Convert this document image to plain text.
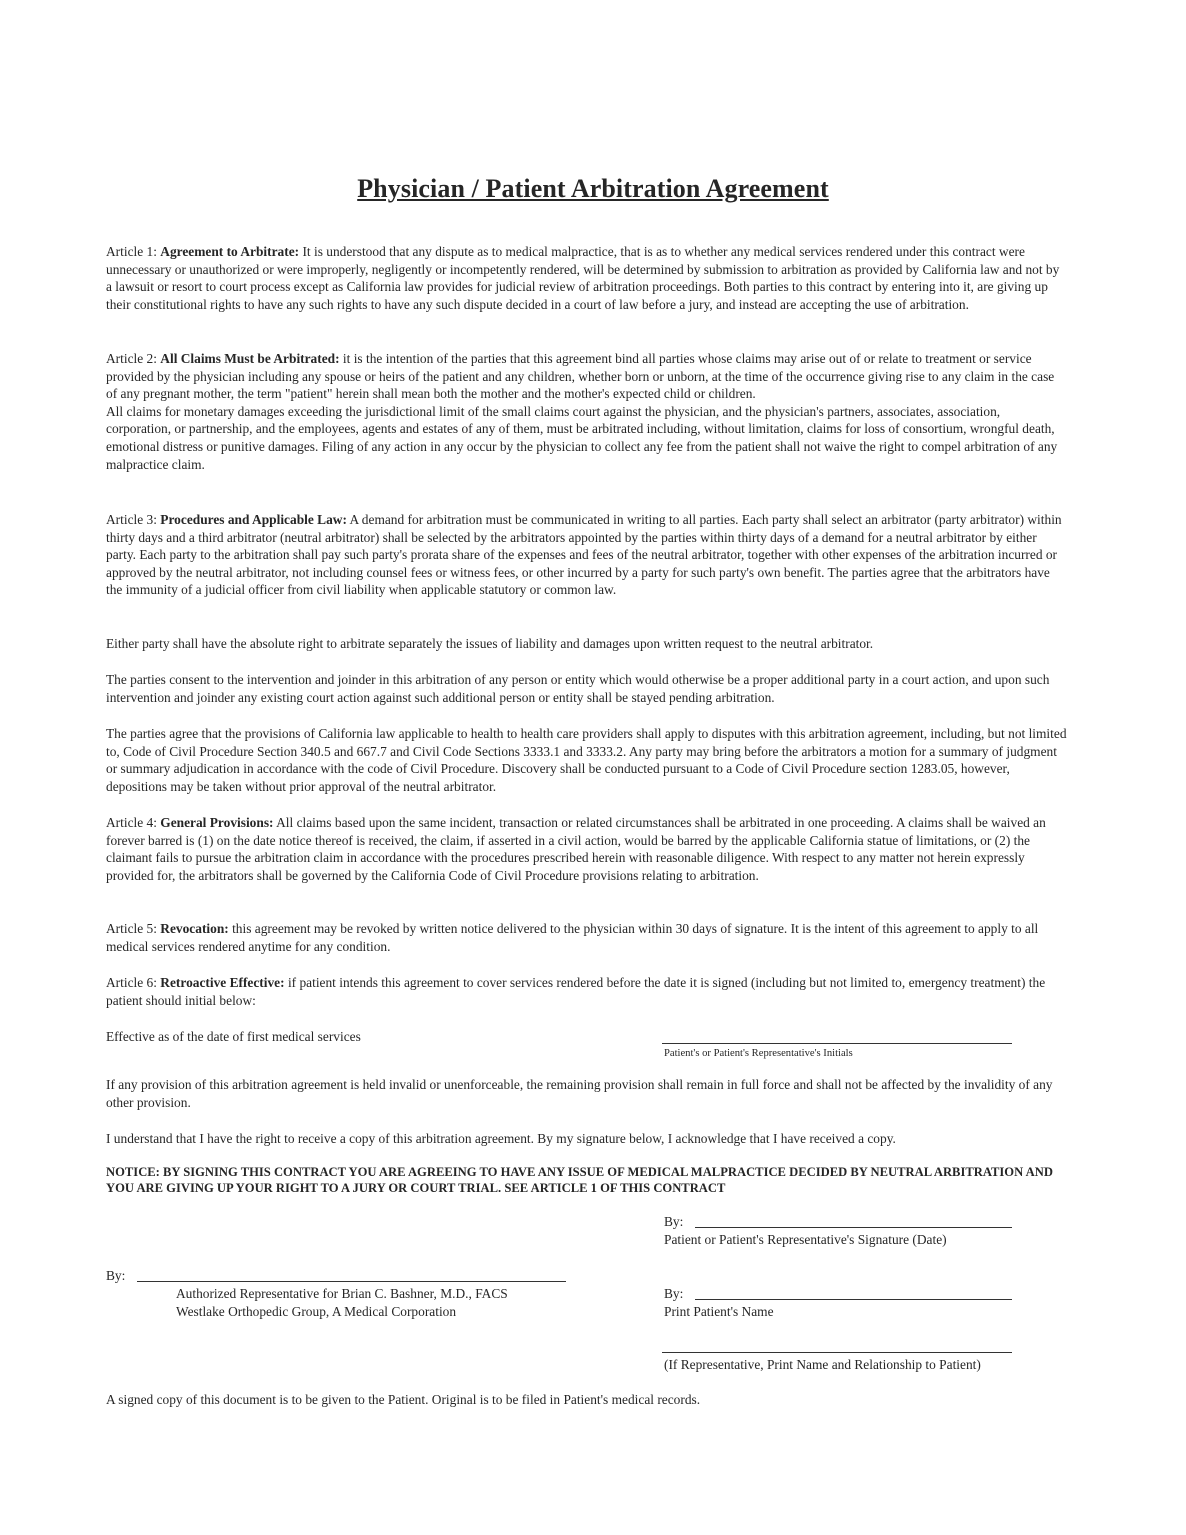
Physician / Patient Arbitration Agreement

Article 1: Agreement to Arbitrate: It is understood that any dispute as to medical malpractice, that is as to whether any medical services rendered under this contract were unnecessary or unauthorized or were improperly, negligently or incompetently rendered, will be determined by submission to arbitration as provided by California law and not by a lawsuit or resort to court process except as California law provides for judicial review of arbitration proceedings. Both parties to this contract by entering into it, are giving up their constitutional rights to have any such rights to have any such dispute decided in a court of law before a jury, and instead are accepting the use of arbitration.

Article 2: All Claims Must be Arbitrated: it is the intention of the parties that this agreement bind all parties whose claims may arise out of or relate to treatment or service provided by the physician including any spouse or heirs of the patient and any children, whether born or unborn, at the time of the occurrence giving rise to any claim in the case of any pregnant mother, the term "patient" herein shall mean both the mother and the mother's expected child or children.
All claims for monetary damages exceeding the jurisdictional limit of the small claims court against the physician, and the physician's partners, associates, association, corporation, or partnership, and the employees, agents and estates of any of them, must be arbitrated including, without limitation, claims for loss of consortium, wrongful death, emotional distress or punitive damages. Filing of any action in any occur by the physician to collect any fee from the patient shall not waive the right to compel arbitration of any malpractice claim.

Article 3: Procedures and Applicable Law: A demand for arbitration must be communicated in writing to all parties. Each party shall select an arbitrator (party arbitrator) within thirty days and a third arbitrator (neutral arbitrator) shall be selected by the arbitrators appointed by the parties within thirty days of a demand for a neutral arbitrator by either party. Each party to the arbitration shall pay such party's prorata share of the expenses and fees of the neutral arbitrator, together with other expenses of the arbitration incurred or approved by the neutral arbitrator, not including counsel fees or witness fees, or other incurred by a party for such party's own benefit. The parties agree that the arbitrators have the immunity of a judicial officer from civil liability when applicable statutory or common law.

Either party shall have the absolute right to arbitrate separately the issues of liability and damages upon written request to the neutral arbitrator.

The parties consent to the intervention and joinder in this arbitration of any person or entity which would otherwise be a proper additional party in a court action, and upon such intervention and joinder any existing court action against such additional person or entity shall be stayed pending arbitration.

The parties agree that the provisions of California law applicable to health to health care providers shall apply to disputes with this arbitration agreement, including, but not limited to, Code of Civil Procedure Section 340.5 and 667.7 and Civil Code Sections 3333.1 and 3333.2. Any party may bring before the arbitrators a motion for a summary of judgment or summary adjudication in accordance with the code of Civil Procedure. Discovery shall be conducted pursuant to a Code of Civil Procedure section 1283.05, however, depositions may be taken without prior approval of the neutral arbitrator.

Article 4: General Provisions: All claims based upon the same incident, transaction or related circumstances shall be arbitrated in one proceeding. A claims shall be waived an forever barred is (1) on the date notice thereof is received, the claim, if asserted in a civil action, would be barred by the applicable California statue of limitations, or (2) the claimant fails to pursue the arbitration claim in accordance with the procedures prescribed herein with reasonable diligence. With respect to any matter not herein expressly provided for, the arbitrators shall be governed by the California Code of Civil Procedure provisions relating to arbitration.

Article 5: Revocation: this agreement may be revoked by written notice delivered to the physician within 30 days of signature. It is the intent of this agreement to apply to all medical services rendered anytime for any condition.

Article 6: Retroactive Effective: if patient intends this agreement to cover services rendered before the date it is signed (including but not limited to, emergency treatment) the patient should initial below:

Effective as of the date of first medical services
Patient's or Patient's Representative's Initials

If any provision of this arbitration agreement is held invalid or unenforceable, the remaining provision shall remain in full force and shall not be affected by the invalidity of any other provision.

I understand that I have the right to receive a copy of this arbitration agreement. By my signature below, I acknowledge that I have received a copy.

NOTICE: BY SIGNING THIS CONTRACT YOU ARE AGREEING TO HAVE ANY ISSUE OF MEDICAL MALPRACTICE DECIDED BY NEUTRAL ARBITRATION AND YOU ARE GIVING UP YOUR RIGHT TO A JURY OR COURT TRIAL. SEE ARTICLE 1 OF THIS CONTRACT

By:
Patient or Patient's Representative's Signature (Date)
By:
Authorized Representative for Brian C. Bashner, M.D., FACS
Westlake Orthopedic Group, A Medical Corporation
By:
Print Patient's Name
(If Representative, Print Name and Relationship to Patient)

A signed copy of this document is to be given to the Patient. Original is to be filed in Patient's medical records.
